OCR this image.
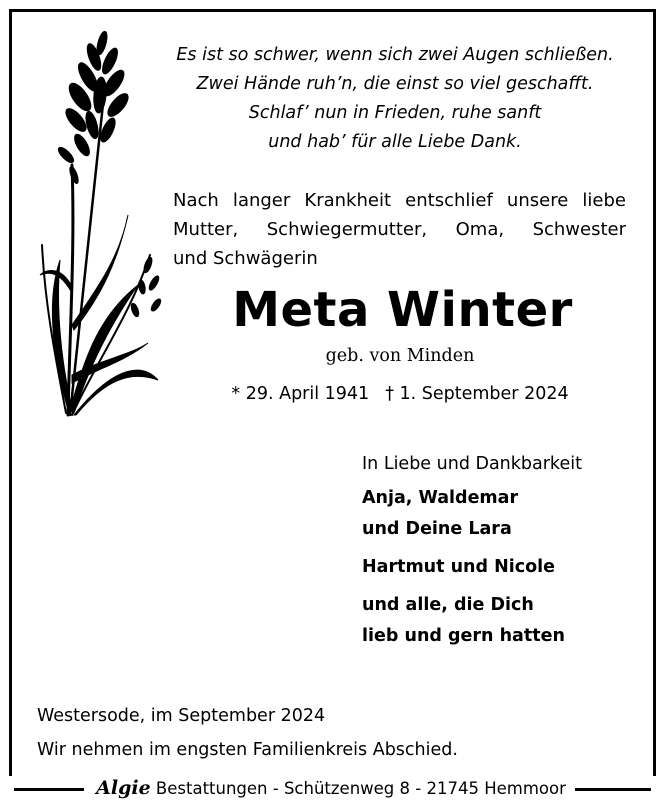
Es ist so schwer, wenn sich zwei Augen schließen.
Zwei Hände ruh’n, die einst so viel geschafft.
Schlaf’ nun in Frieden, ruhe sanft
und hab’ für alle Liebe Dank.
Nach langer Krankheit entschlief unsere liebe
Mutter, Schwiegermutter, Oma, Schwester
und Schwägerin
Meta Winter
geb. von Minden
* 29. April 1941 † 1. September 2024
In Liebe und Dankbarkeit
Anja, Waldemar
und Deine Lara
Hartmut und Nicole
und alle, die Dich
lieb und gern hatten
Westersode, im September 2024
Wir nehmen im engsten Familienkreis Abschied.
Algie Bestattungen - Schützenweg 8 - 21745 Hemmoor
